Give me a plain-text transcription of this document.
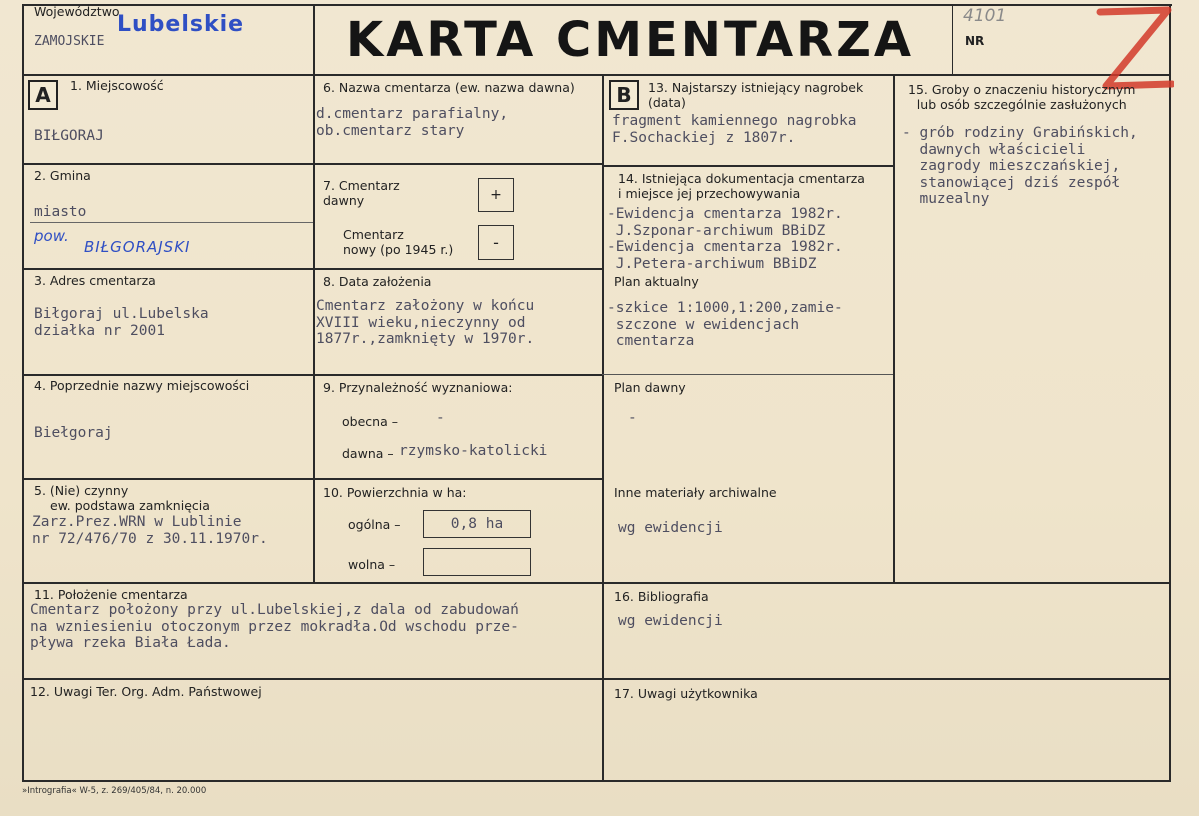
Województwo
ZAMOJSKIE
Lubelskie KARTA CMENTARZA	4101
NR
A	B
1. Miejscowość
BIŁGORAJ
2. Gmina
miasto
pow.
BIŁGORAJSKI
3. Adres cmentarza
Biłgoraj ul.Lubelska
działka nr 2001
4. Poprzednie nazwy miejscowości
Biełgoraj
5. (Nie) czynny
ew. podstawa zamknięcia
Zarz.Prez.WRN w Lublinie
nr 72/476/70 z 30.11.1970r.
6. Nazwa cmentarza (ew. nazwa dawna)
d.cmentarz parafialny,
ob.cmentarz stary
7. Cmentarz
dawny	+
Cmentarz
nowy (po 1945 r.)	-
8. Data założenia
Cmentarz założony w końcu
XVIII wieku,nieczynny od
1877r.,zamknięty w 1970r.
9. Przynależność wyznaniowa:
obecna –	-
dawna – rzymsko-katolicki
10. Powierzchnia w ha:
ogólna –	0,8 ha
wolna –
13. Najstarszy istniejący nagrobek
(data)
fragment kamiennego nagrobka
F.Sochackiej z 1807r.
14. Istniejąca dokumentacja cmentarza
i miejsce jej przechowywania
-Ewidencja cmentarza 1982r.
J.Szponar-archiwum BBiDZ
-Ewidencja cmentarza 1982r.
J.Petera-archiwum BBiDZ
Plan aktualny
-szkice 1:1000,1:200,zamie-
szczone w ewidencjach
cmentarza
Plan dawny
-
Inne materiały archiwalne
wg ewidencji
15. Groby o znaczeniu historycznym
lub osób szczególnie zasłużonych
- grób rodziny Grabińskich,
dawnych właścicieli
zagrody mieszczańskiej,
stanowiącej dziś zespół
muzealny
11. Położenie cmentarza
Cmentarz położony przy ul.Lubelskiej,z dala od zabudowań
na wzniesieniu otoczonym przez mokradła.Od wschodu prze-
pływa rzeka Biała Łada.
16. Bibliografia
wg ewidencji
12. Uwagi Ter. Org. Adm. Państwowej	17. Uwagi użytkownika
»Intrografia« W-5, z. 269/405/84, n. 20.000
